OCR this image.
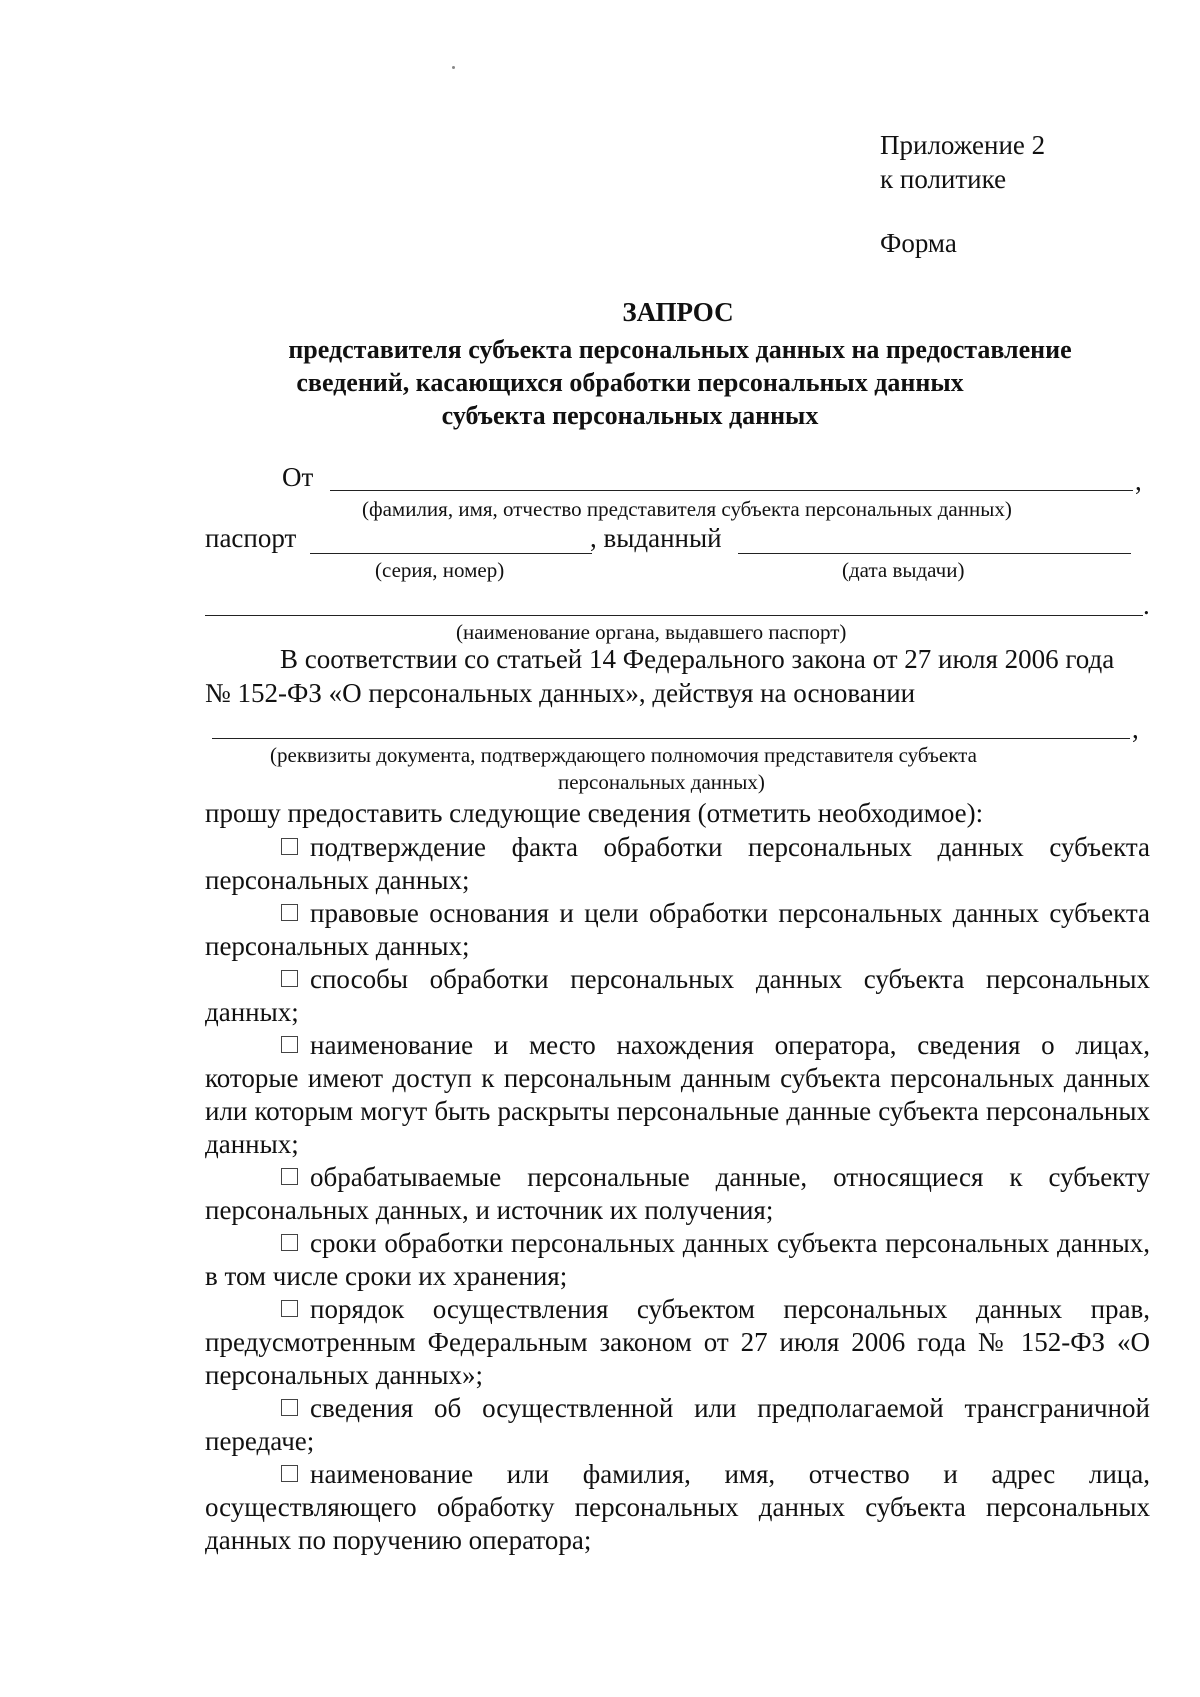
Приложение 2
к политике
Форма
ЗАПРОС
представителя субъекта персональных данных на предоставление
сведений, касающихся обработки персональных данных
субъекта персональных данных
От	,
(фамилия, имя, отчество представителя субъекта персональных данных)
паспорт	, выданный
(серия, номер)	(дата выдачи)
.
(наименование органа, выдавшего паспорт)
В соответствии со статьей 14 Федерального закона от 27 июля 2006 года
№ 152-ФЗ «О персональных данных», действуя на основании
,
(реквизиты документа, подтверждающего полномочия представителя субъекта
персональных данных)
прошу предоставить следующие сведения (отметить необходимое):
подтверждение факта обработки персональных данных субъекта персональных данных;
правовые основания и цели обработки персональных данных субъекта персональных данных;
способы обработки персональных данных субъекта персональных данных;
наименование и место нахождения оператора, сведения о лицах, которые имеют доступ к персональным данным субъекта персональных данных или которым могут быть раскрыты персональные данные субъекта персональных данных;
обрабатываемые персональные данные, относящиеся к субъекту персональных данных, и источник их получения;
сроки обработки персональных данных субъекта персональных данных, в том числе сроки их хранения;
порядок осуществления субъектом персональных данных прав, предусмотренным Федеральным законом от 27 июля 2006 года № 152-ФЗ «О персональных данных»;
сведения об осуществленной или предполагаемой трансграничной передаче;
наименование или фамилия, имя, отчество и адрес лица, осуществляющего обработку персональных данных субъекта персональных данных по поручению оператора;
